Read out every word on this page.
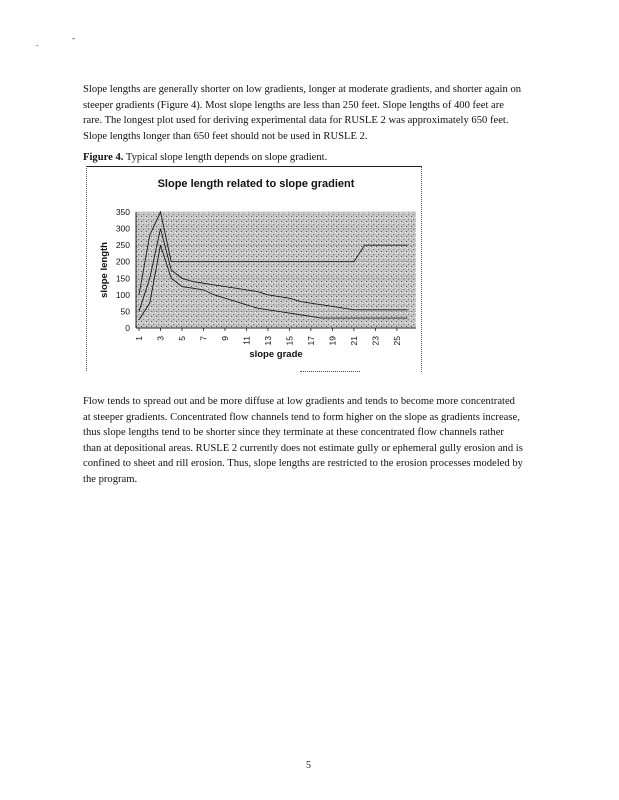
.	-

Slope lengths are generally shorter on low gradients, longer at moderate gradients, and shorter again on steeper gradients (Figure 4). Most slope lengths are less than 250 feet. Slope lengths of 400 feet are rare. The longest plot used for deriving experimental data for RUSLE 2 was approximately 650 feet. Slope lengths longer than 650 feet should not be used in RUSLE 2.

Figure 4. Typical slope length depends on slope gradient.
Slope length related to slope gradient
0
50
100
150
200
250
300
350
1 3 5 7 9 11 13 15 17 19 21 23 25
slope length
slope grade

Flow tends to spread out and be more diffuse at low gradients and tends to become more concentrated at steeper gradients. Concentrated flow channels tend to form higher on the slope as gradients increase, thus slope lengths tend to be shorter since they terminate at these concentrated flow channels rather than at depositional areas. RUSLE 2 currently does not estimate gully or ephemeral gully erosion and is confined to sheet and rill erosion. Thus, slope lengths are restricted to the erosion processes modeled by the program.

5
